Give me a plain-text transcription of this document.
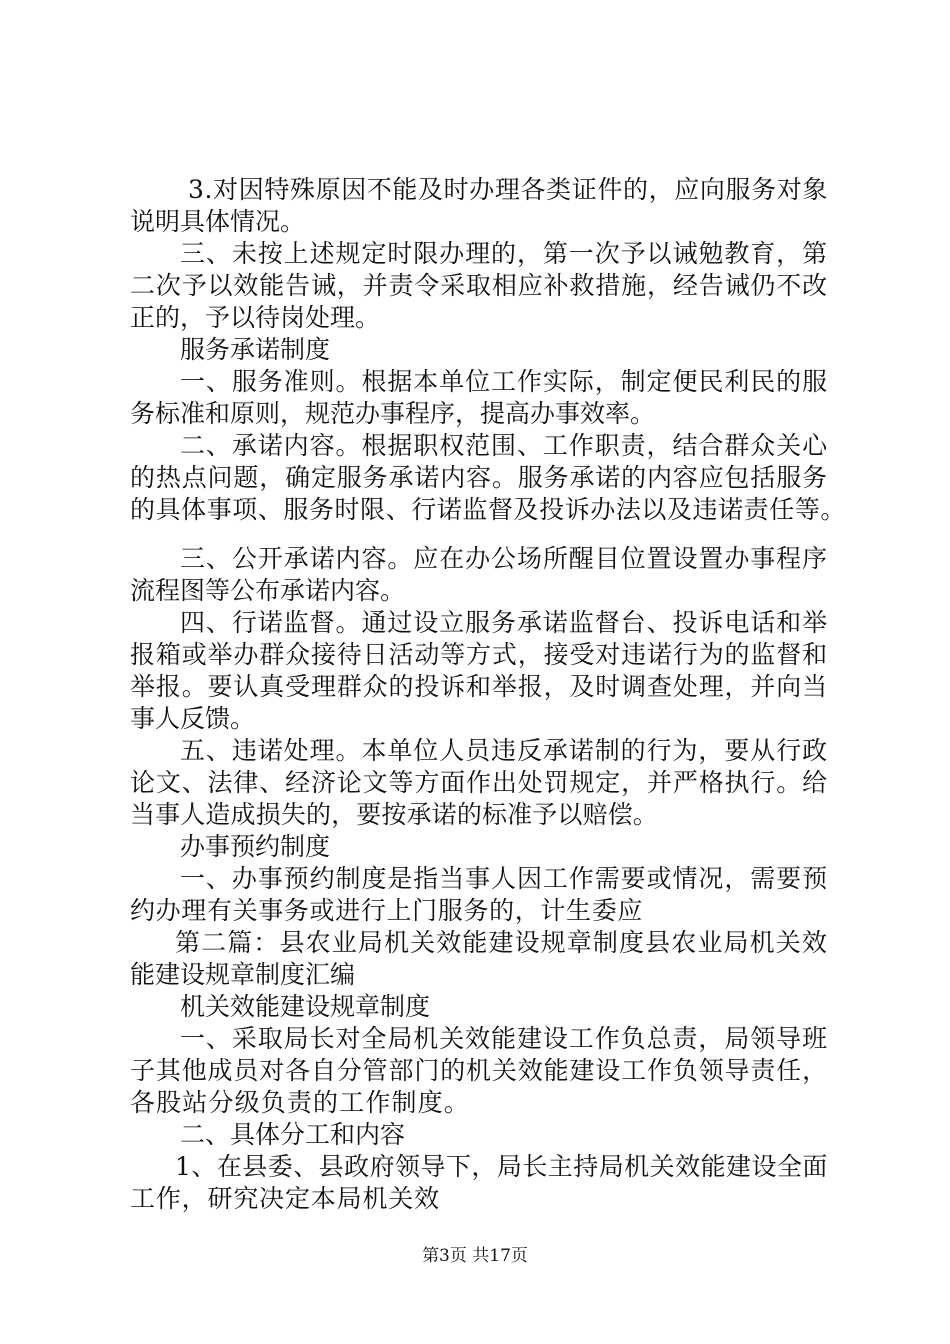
3.对因特殊原因不能及时办理各类证件的，应向服务对象
说明具体情况。
三、未按上述规定时限办理的，第一次予以诫勉教育，第
二次予以效能告诫，并责令采取相应补救措施，经告诫仍不改
正的，予以待岗处理。
服务承诺制度
一、服务准则。根据本单位工作实际，制定便民利民的服
务标准和原则，规范办事程序，提高办事效率。
二、承诺内容。根据职权范围、工作职责，结合群众关心
的热点问题，确定服务承诺内容。服务承诺的内容应包括服务
的具体事项、服务时限、行诺监督及投诉办法以及违诺责任等。
三、公开承诺内容。应在办公场所醒目位置设置办事程序
流程图等公布承诺内容。
四、行诺监督。通过设立服务承诺监督台、投诉电话和举
报箱或举办群众接待日活动等方式，接受对违诺行为的监督和
举报。要认真受理群众的投诉和举报，及时调查处理，并向当
事人反馈。
五、违诺处理。本单位人员违反承诺制的行为，要从行政
论文、法律、经济论文等方面作出处罚规定，并严格执行。给
当事人造成损失的，要按承诺的标准予以赔偿。
办事预约制度
一、办事预约制度是指当事人因工作需要或情况，需要预
约办理有关事务或进行上门服务的，计生委应
第二篇：县农业局机关效能建设规章制度县农业局机关效
能建设规章制度汇编
机关效能建设规章制度
一、采取局长对全局机关效能建设工作负总责，局领导班
子其他成员对各自分管部门的机关效能建设工作负领导责任，
各股站分级负责的工作制度。
二、具体分工和内容
1、在县委、县政府领导下，局长主持局机关效能建设全面
工作，研究决定本局机关效
第3页 共17页
